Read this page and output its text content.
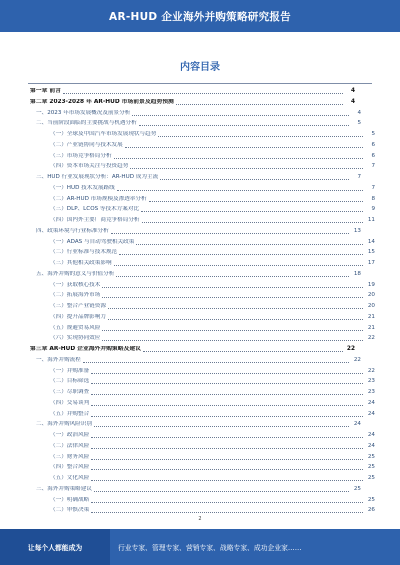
AR-HUD 企业海外并购策略研究报告
内容目录
第一章 前言	4
第二章 2023-2028 年 AR-HUD 市场前景及趋势预测	4
一、2023 年市场发展概况及前景分析	4
二、当前阶段面临的主要挑战与机遇分析	5
（一）全球及中国汽车市场发展现状与趋势	5
（二）产业链协同与技术发展	6
（三）市场竞争格局分析	6
（四）资本市场关注与投资趋势	7
三、HUD 行业发展现状分析：AR-HUD 成为主流	7
（一）HUD 技术发展路线	7
（二）AR-HUD 市场规模及渗透率分析	8
（三）DLP、LCOS 等技术方案对比	9
（四）国内外主要厂商竞争格局分析	11
四、政策环境与行业标准分析	13
（一）ADAS 与自动驾驶相关政策	14
（二）行业标准与技术规范	15
（三）其他相关政策影响	17
五、海外并购的意义与价值分析	18
（一）获取核心技术	19
（二）拓展海外市场	20
（三）整合产业链资源	20
（四）提升品牌影响力	21
（五）规避贸易风险	21
（六）实现协同效应	22
第三章 AR-HUD 企业海外并购策略及建议	22
一、海外并购流程	22
（一）并购准备	22
（二）目标筛选	23
（三）尽职调查	23
（四）交易谈判	24
（五）并购整合	24
二、海外并购风险识别	24
（一）政治风险	24
（二）法律风险	24
（三）财务风险	25
（四）整合风险	25
（五）文化风险	25
三、海外并购策略建议	25
（一）明确战略	25
（二）审慎决策	26
让每个人都能成为	行业专家、管理专家、营销专家、战略专家、成功企业家……
2
